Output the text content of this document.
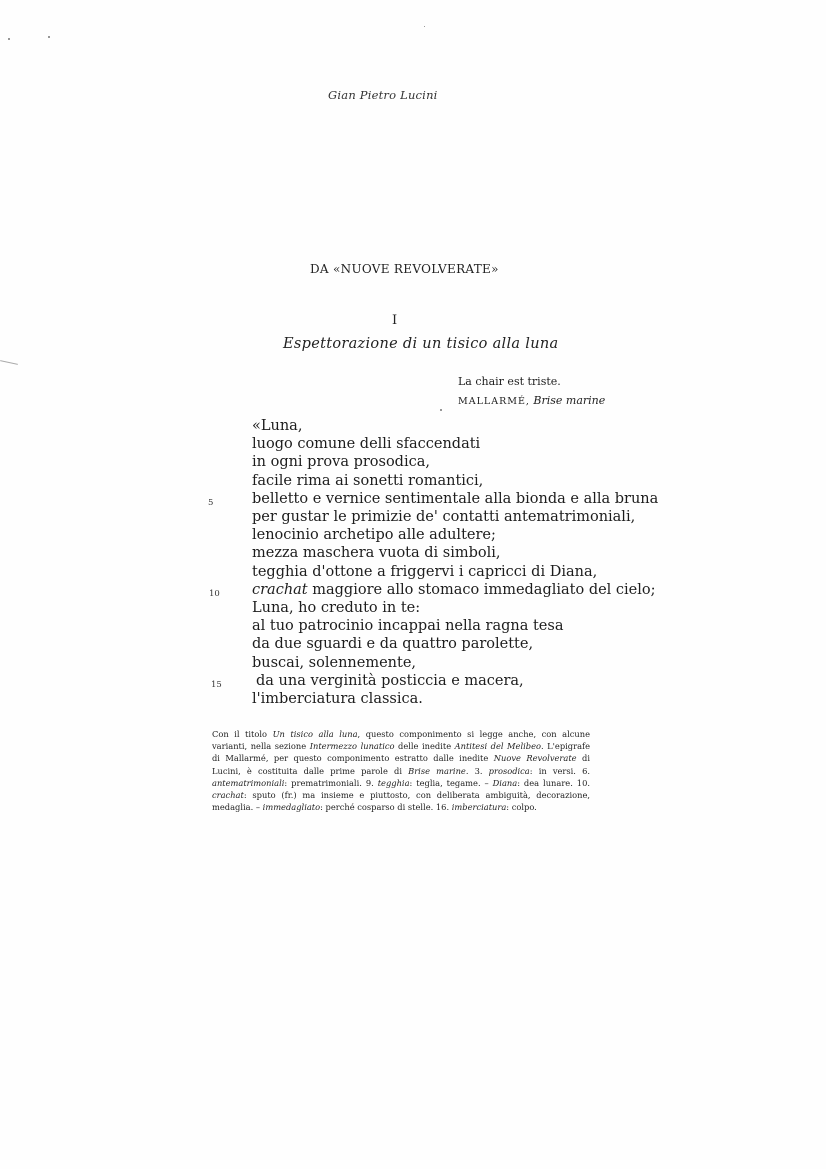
Gian Pietro Lucini
DA «NUOVE REVOLVERATE»
I
Espettorazione di un tisico alla luna
La chair est triste.
MALLARMÉ, Brise marine
5
10
15
«Luna,
luogo comune delli sfaccendati
in ogni prova prosodica,
facile rima ai sonetti romantici,
belletto e vernice sentimentale alla bionda e alla bruna
per gustar le primizie de' contatti antematrimoniali,
lenocinio archetipo alle adultere;
mezza maschera vuota di simboli,
tegghia d'ottone a friggervi i capricci di Diana,
crachat maggiore allo stomaco immedagliato del cielo;
Luna, ho creduto in te:
al tuo patrocinio incappai nella ragna tesa
da due sguardi e da quattro parolette,
buscai, solennemente,
da una verginità posticcia e macera,
l'imberciatura classica.
Con il titolo Un tisico alla luna, questo componimento si legge anche, con alcune varianti, nella sezione Intermezzo lunatico delle inedite Antitesi del Melibeo. L'epigrafe di Mallarmé, per questo componimento estratto dalle inedite Nuove Revolverate di Lucini, è costituita dalle prime parole di Brise marine. 3. prosodica: in versi. 6. antematrimoniali: prematrimoniali. 9. tegghia: teglia, tegame. – Diana: dea lunare. 10. crachat: sputo (fr.) ma insieme e piuttosto, con deliberata ambiguità, decorazione, medaglia. – immedagliato: perché cosparso di stelle. 16. imberciatura: colpo.
